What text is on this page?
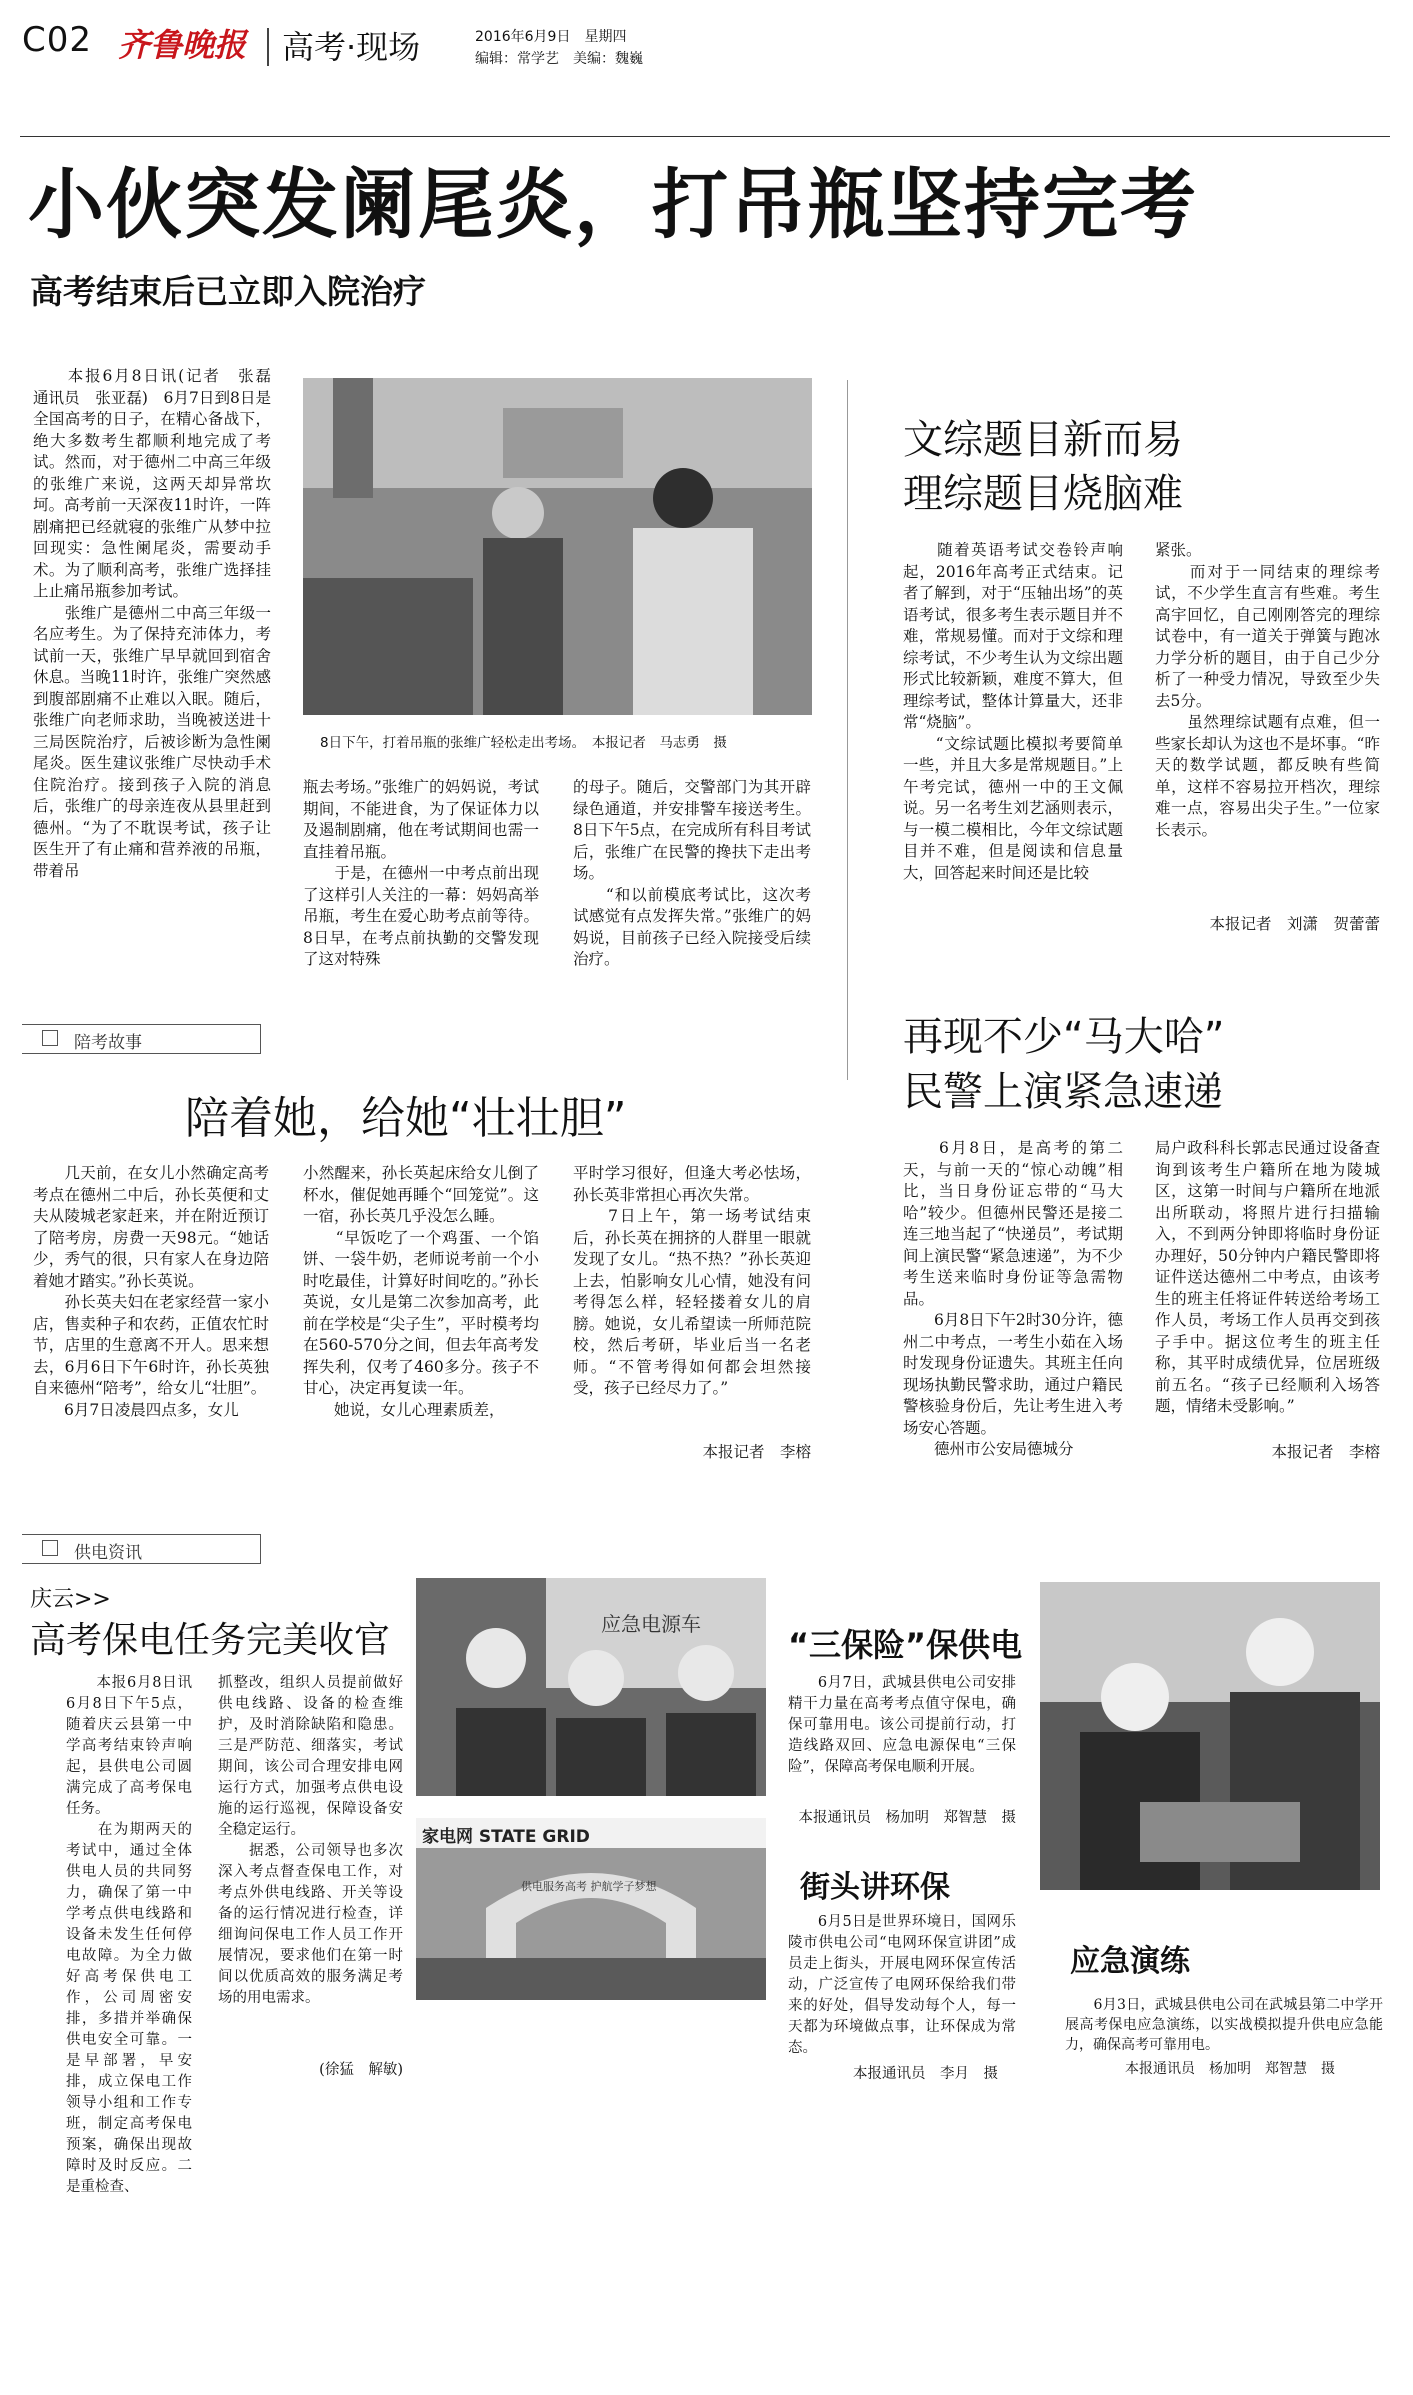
C02 齐鲁晚报 高考·现场	2016年6月9日　星期四
编辑：常学艺　美编：魏巍
小伙突发阑尾炎，打吊瓶坚持完考
高考结束后已立即入院治疗

　　本报6月8日讯(记者　张磊　通讯员　张亚磊)　6月7日到8日是全国高考的日子，在精心备战下，绝大多数考生都顺利地完成了考试。然而，对于德州二中高三年级的张维广来说，这两天却异常坎坷。高考前一天深夜11时许，一阵剧痛把已经就寝的张维广从梦中拉回现实：急性阑尾炎，需要动手术。为了顺利高考，张维广选择挂上止痛吊瓶参加考试。
　　张维广是德州二中高三年级一名应考生。为了保持充沛体力，考试前一天，张维广早早就回到宿舍休息。当晚11时许，张维广突然感到腹部剧痛不止难以入眠。随后，张维广向老师求助，当晚被送进十三局医院治疗，后被诊断为急性阑尾炎。医生建议张维广尽快动手术住院治疗。接到孩子入院的消息后，张维广的母亲连夜从县里赶到德州。“为了不耽误考试，孩子让医生开了有止痛和营养液的吊瓶，带着吊

8日下午，打着吊瓶的张维广轻松走出考场。　本报记者　马志勇　摄

瓶去考场。”张维广的妈妈说，考试期间，不能进食，为了保证体力以及遏制剧痛，他在考试期间也需一直挂着吊瓶。
　　于是，在德州一中考点前出现了这样引人关注的一幕：妈妈高举吊瓶，考生在爱心助考点前等待。8日早，在考点前执勤的交警发现了这对特殊

的母子。随后，交警部门为其开辟绿色通道，并安排警车接送考生。8日下午5点，在完成所有科目考试后，张维广在民警的搀扶下走出考场。
　　“和以前模底考试比，这次考试感觉有点发挥失常。”张维广的妈妈说，目前孩子已经入院接受后续治疗。

文综题目新而易
理综题目烧脑难

　　随着英语考试交卷铃声响起，2016年高考正式结束。记者了解到，对于“压轴出场”的英语考试，很多考生表示题目并不难，常规易懂。而对于文综和理综考试，不少考生认为文综出题形式比较新颖，难度不算大，但理综考试，整体计算量大，还非常“烧脑”。
　　“文综试题比模拟考要简单一些，并且大多是常规题目。”上午考完试，德州一中的王文佩说。另一名考生刘艺涵则表示，与一模二模相比，今年文综试题目并不难，但是阅读和信息量大，回答起来时间还是比较

紧张。
　　而对于一同结束的理综考试，不少学生直言有些难。考生高宇回忆，自己刚刚答完的理综试卷中，有一道关于弹簧与跑冰力学分析的题目，由于自己少分析了一种受力情况，导致至少失去5分。
　　虽然理综试题有点难，但一些家长却认为这也不是坏事。“昨天的数学试题，都反映有些简单，这样不容易拉开档次，理综难一点，容易出尖子生。”一位家长表示。

本报记者　刘潇　贺蕾蕾
再现不少“马大哈”
民警上演紧急速递

　　6月8日，是高考的第二天，与前一天的“惊心动魄”相比，当日身份证忘带的“马大哈”较少。但德州民警还是接二连三地当起了“快递员”，考试期间上演民警“紧急速递”，为不少考生送来临时身份证等急需物品。
　　6月8日下午2时30分许，德州二中考点，一考生小茹在入场时发现身份证遗失。其班主任向现场执勤民警求助，通过户籍民警核验身份后，先让考生进入考场安心答题。
　　德州市公安局德城分

局户政科科长郭志民通过设备查询到该考生户籍所在地为陵城区，这第一时间与户籍所在地派出所联动，将照片进行扫描输入，不到两分钟即将临时身份证办理好，50分钟内户籍民警即将证件送达德州二中考点，由该考生的班主任将证件转送给考场工作人员，考场工作人员再交到孩子手中。据这位考生的班主任称，其平时成绩优异，位居班级前五名。“孩子已经顺利入场答题，情绪未受影响。”

本报记者　李榕
陪考故事
陪着她，给她“壮壮胆”

　　几天前，在女儿小然确定高考考点在德州二中后，孙长英便和丈夫从陵城老家赶来，并在附近预订了陪考房，房费一天98元。“她话少，秀气的很，只有家人在身边陪着她才踏实。”孙长英说。
　　孙长英夫妇在老家经营一家小店，售卖种子和农药，正值农忙时节，店里的生意离不开人。思来想去，6月6日下午6时许，孙长英独自来德州“陪考”，给女儿“壮胆”。
　　6月7日凌晨四点多，女儿

小然醒来，孙长英起床给女儿倒了杯水，催促她再睡个“回笼觉”。这一宿，孙长英几乎没怎么睡。
　　“早饭吃了一个鸡蛋、一个馅饼、一袋牛奶，老师说考前一个小时吃最佳，计算好时间吃的。”孙长英说，女儿是第二次参加高考，此前在学校是“尖子生”，平时模考均在560-570分之间，但去年高考发挥失利，仅考了460多分。孩子不甘心，决定再复读一年。
　　她说，女儿心理素质差，

平时学习很好，但逢大考必怯场，孙长英非常担心再次失常。
　　7日上午，第一场考试结束后，孙长英在拥挤的人群里一眼就发现了女儿。“热不热？”孙长英迎上去，怕影响女儿心情，她没有问考得怎么样，轻轻搂着女儿的肩膀。她说，女儿希望读一所师范院校，然后考研，毕业后当一名老师。“不管考得如何都会坦然接受，孩子已经尽力了。”

本报记者　李榕
供电资讯
庆云>>
高考保电任务完美收官

　　本报6月8日讯　6月8日下午5点，随着庆云县第一中学高考结束铃声响起，县供电公司圆满完成了高考保电任务。
　　在为期两天的考试中，通过全体供电人员的共同努力，确保了第一中学考点供电线路和设备未发生任何停电故障。为全力做好高考保供电工作，公司周密安排，多措并举确保供电安全可靠。一是早部署，早安排，成立保电工作领导小组和工作专班，制定高考保电预案，确保出现故障时及时反应。二是重检查、

抓整改，组织人员提前做好供电线路、设备的检查维护，及时消除缺陷和隐患。三是严防范、细落实，考试期间，该公司合理安排电网运行方式，加强考点供电设施的运行巡视，保障设备安全稳定运行。
　　据悉，公司领导也多次深入考点督查保电工作，对考点外供电线路、开关等设备的运行情况进行检查，详细询问保电工作人员工作开展情况，要求他们在第一时间以优质高效的服务满足考场的用电需求。

(徐猛　解敏)
应急电源车
家电网 STATE GRID
供电服务高考 护航学子梦想
“三保险”保供电

　　6月7日，武城县供电公司安排精干力量在高考考点值守保电，确保可靠用电。该公司提前行动，打造线路双回、应急电源保电“三保险”，保障高考保电顺利开展。

本报通讯员　杨加明　郑智慧　摄
街头讲环保

　　6月5日是世界环境日，国网乐陵市供电公司“电网环保宣讲团”成员走上街头，开展电网环保宣传活动，广泛宣传了电网环保给我们带来的好处，倡导发动每个人，每一天都为环境做点事，让环保成为常态。

本报通讯员　李月　摄
应急演练

　　6月3日，武城县供电公司在武城县第二中学开展高考保电应急演练，以实战模拟提升供电应急能力，确保高考可靠用电。

本报通讯员　杨加明　郑智慧　摄
